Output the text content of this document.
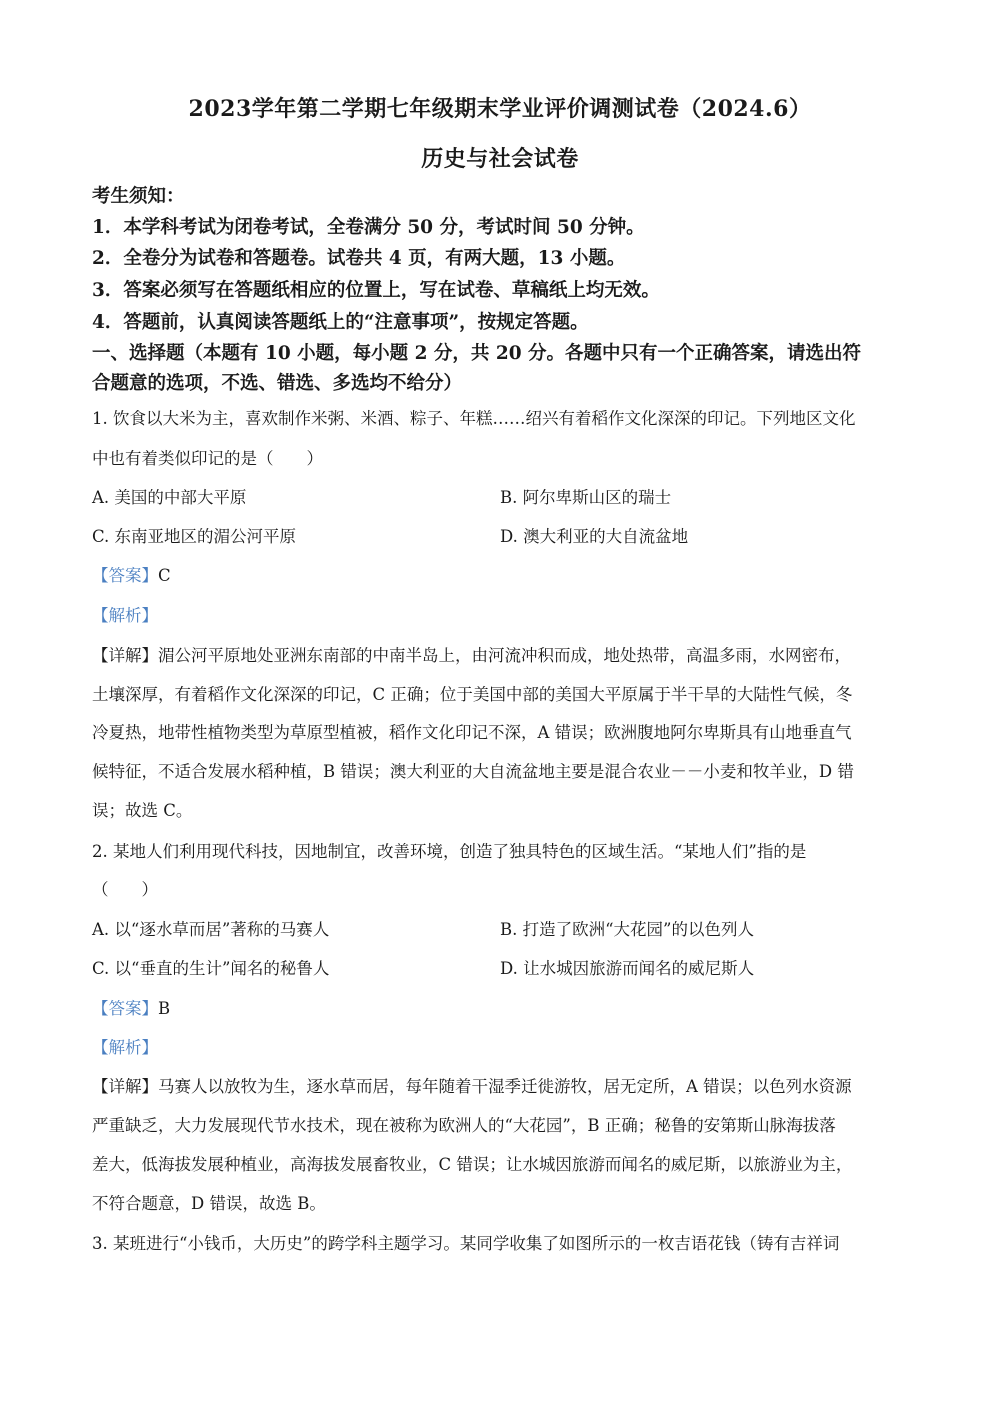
2023学年第二学期七年级期末学业评价调测试卷（2024.6）
历史与社会试卷
考生须知：
1．本学科考试为闭卷考试，全卷满分 50 分，考试时间 50 分钟。
2．全卷分为试卷和答题卷。试卷共 4 页，有两大题，13 小题。
3．答案必须写在答题纸相应的位置上，写在试卷、草稿纸上均无效。
4．答题前，认真阅读答题纸上的“注意事项”，按规定答题。
一、选择题（本题有 10 小题，每小题 2 分，共 20 分。各题中只有一个正确答案，请选出符
合题意的选项，不选、错选、多选均不给分）
1. 饮食以大米为主，喜欢制作米粥、米酒、粽子、年糕……绍兴有着稻作文化深深的印记。下列地区文化
中也有着类似印记的是（　　）
A. 美国的中部大平原	B. 阿尔卑斯山区的瑞士
C. 东南亚地区的湄公河平原	D. 澳大利亚的大自流盆地
【答案】C
【解析】
【详解】湄公河平原地处亚洲东南部的中南半岛上，由河流冲积而成，地处热带，高温多雨，水网密布，
土壤深厚，有着稻作文化深深的印记，C 正确；位于美国中部的美国大平原属于半干旱的大陆性气候，冬
冷夏热，地带性植物类型为草原型植被，稻作文化印记不深，A 错误；欧洲腹地阿尔卑斯具有山地垂直气
候特征，不适合发展水稻种植，B 错误；澳大利亚的大自流盆地主要是混合农业－－小麦和牧羊业，D 错
误；故选 C。
2. 某地人们利用现代科技，因地制宜，改善环境，创造了独具特色的区域生活。“某地人们”指的是
（　　）
A. 以“逐水草而居”著称的马赛人	B. 打造了欧洲“大花园”的以色列人
C. 以“垂直的生计”闻名的秘鲁人	D. 让水城因旅游而闻名的威尼斯人
【答案】B
【解析】
【详解】马赛人以放牧为生，逐水草而居，每年随着干湿季迁徙游牧，居无定所，A 错误；以色列水资源
严重缺乏，大力发展现代节水技术，现在被称为欧洲人的“大花园”，B 正确；秘鲁的安第斯山脉海拔落
差大，低海拔发展种植业，高海拔发展畜牧业，C 错误；让水城因旅游而闻名的威尼斯，以旅游业为主，
不符合题意，D 错误，故选 B。
3. 某班进行“小钱币，大历史”的跨学科主题学习。某同学收集了如图所示的一枚吉语花钱（铸有吉祥词
